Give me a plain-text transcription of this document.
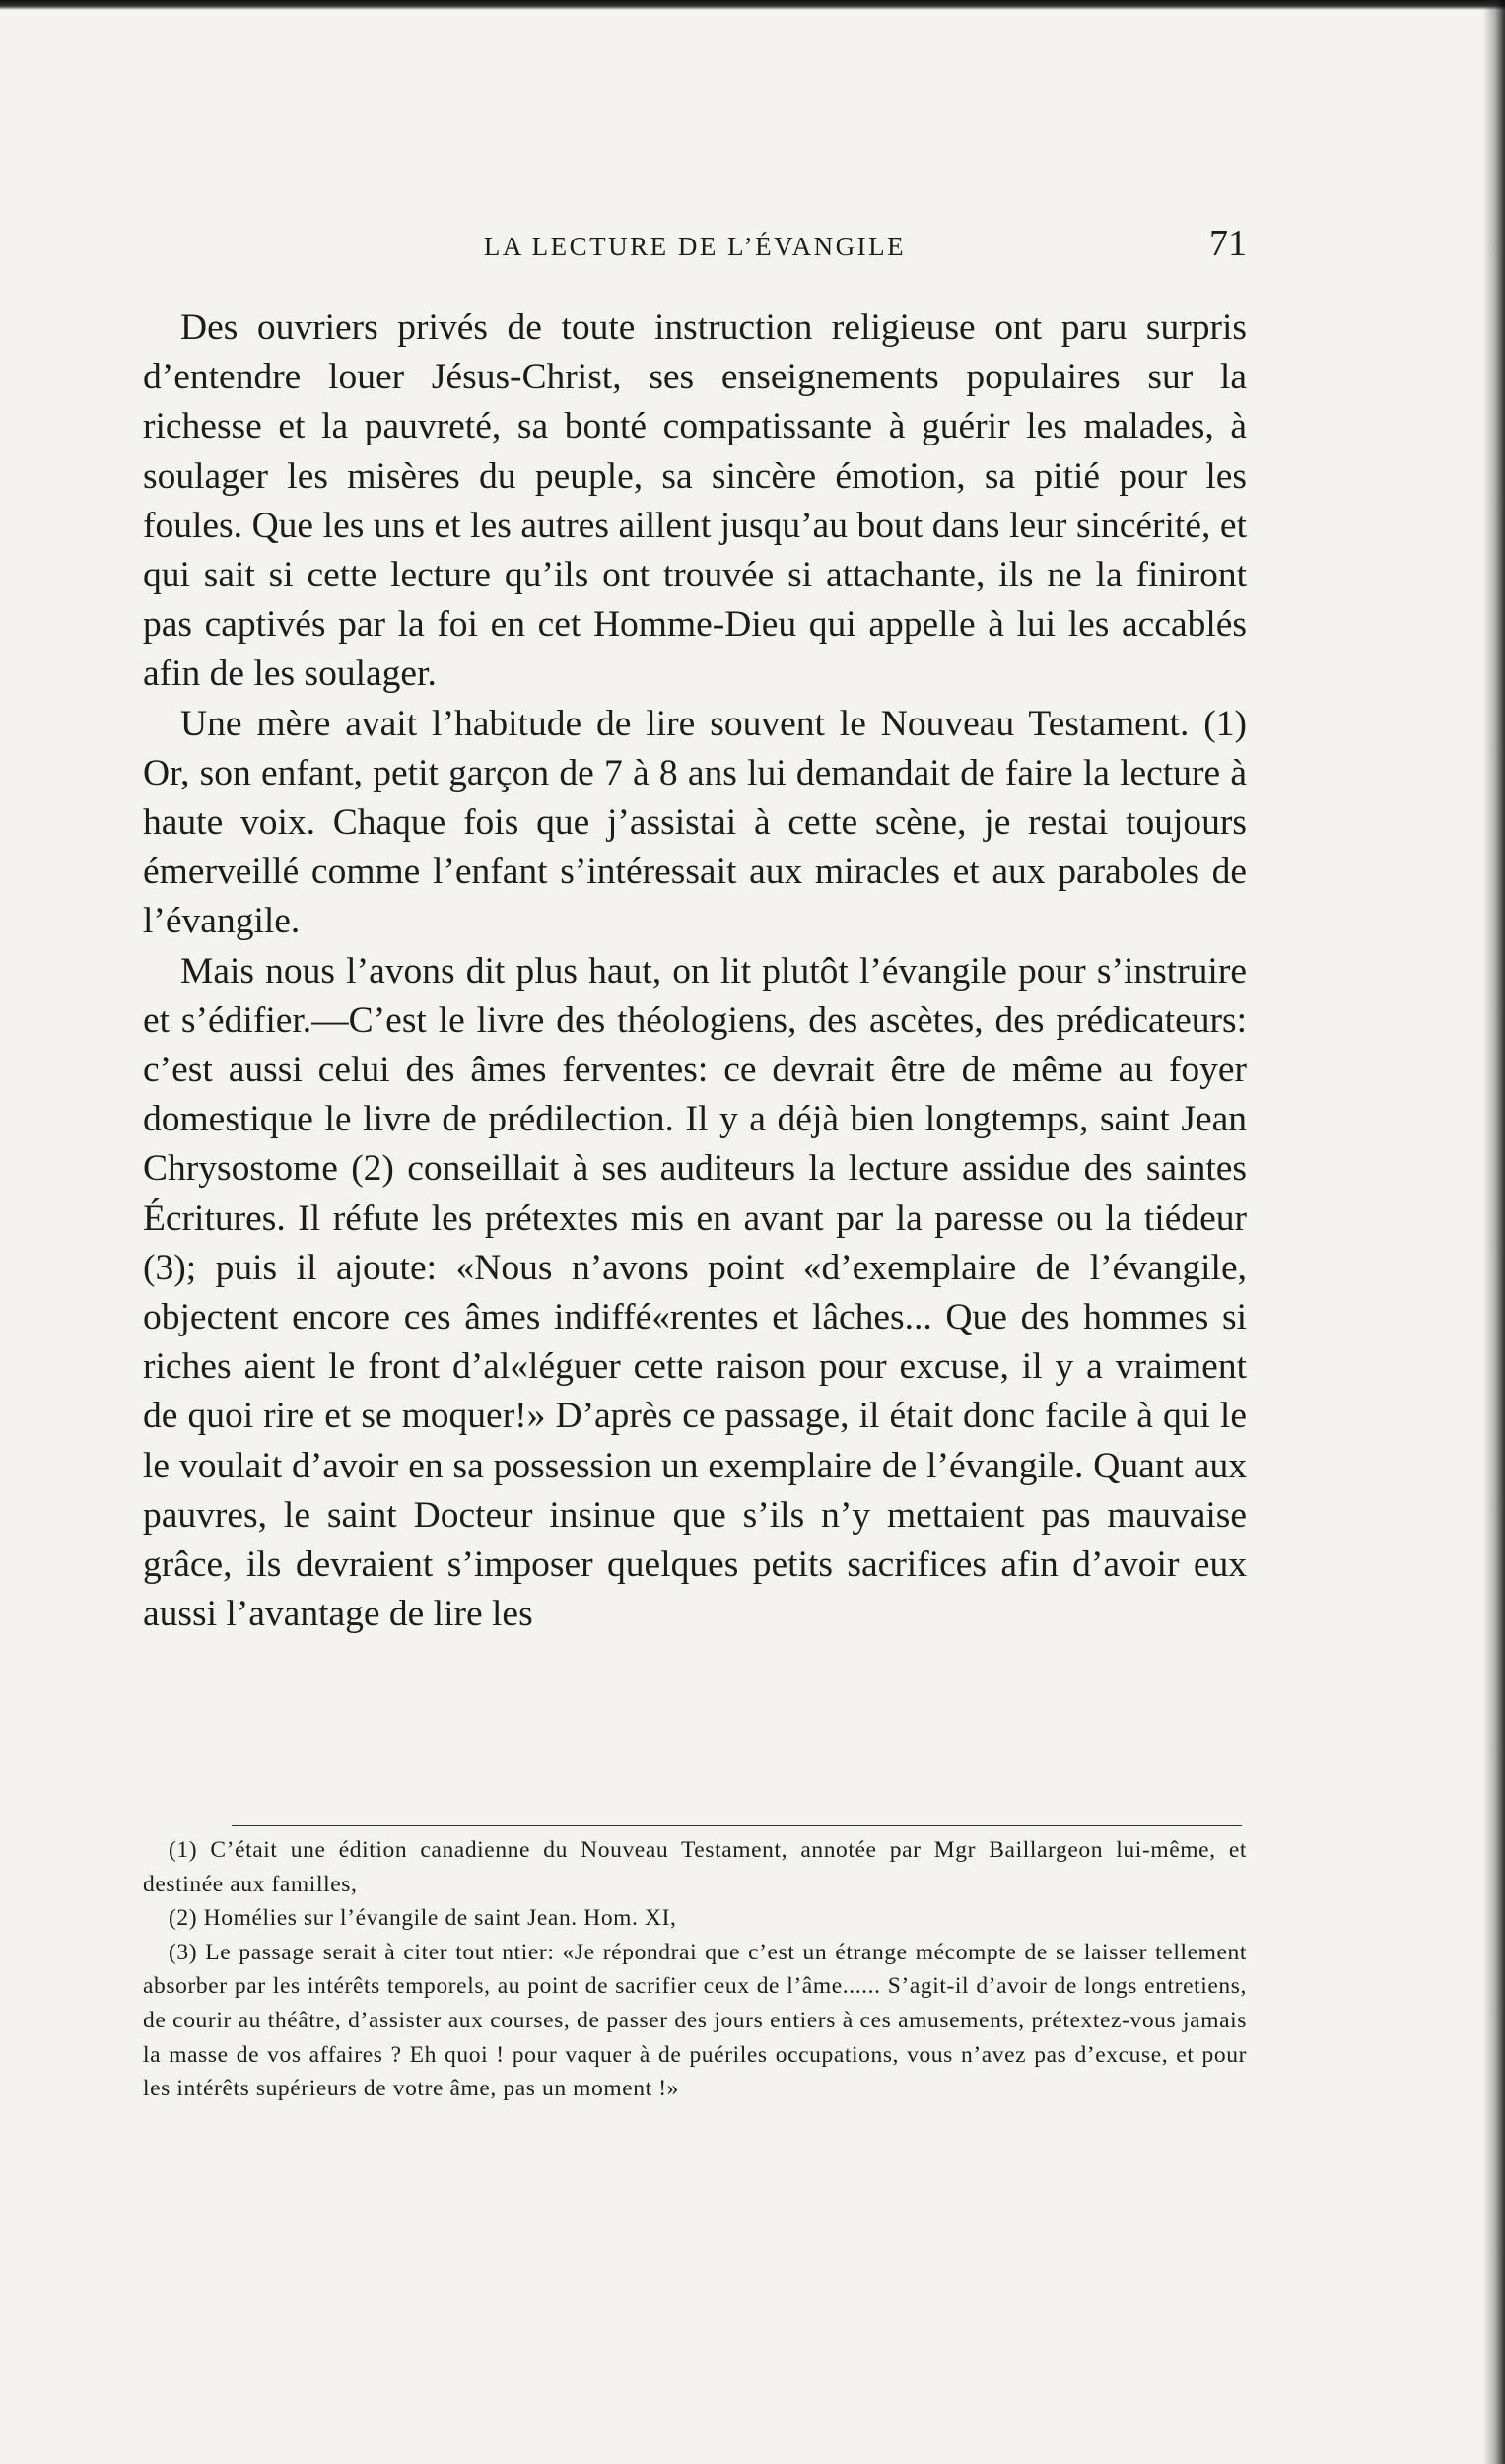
LA LECTURE DE L’ÉVANGILE	71

Des ouvriers privés de toute instruction religieuse ont paru surpris d’entendre louer Jésus-Christ, ses enseignements populaires sur la richesse et la pauvreté, sa bonté compatissante à guérir les malades, à soulager les misères du peuple, sa sincère émotion, sa pitié pour les foules. Que les uns et les autres aillent jusqu’au bout dans leur sincérité, et qui sait si cette lecture qu’ils ont trouvée si attachante, ils ne la finiront pas captivés par la foi en cet Homme-Dieu qui appelle à lui les accablés afin de les soulager.

Une mère avait l’habitude de lire souvent le Nouveau Testament. (1) Or, son enfant, petit garçon de 7 à 8 ans lui demandait de faire la lecture à haute voix. Chaque fois que j’assistai à cette scène, je restai toujours émerveillé comme l’enfant s’intéressait aux miracles et aux paraboles de l’évangile.

Mais nous l’avons dit plus haut, on lit plutôt l’évangile pour s’instruire et s’édifier.—C’est le livre des théologiens, des ascètes, des prédicateurs: c’est aussi celui des âmes ferventes: ce devrait être de même au foyer domestique le livre de prédilection. Il y a déjà bien longtemps, saint Jean Chrysostome (2) conseillait à ses auditeurs la lecture assidue des saintes Écritures. Il réfute les prétextes mis en avant par la paresse ou la tiédeur (3); puis il ajoute: «Nous n’avons point «d’exemplaire de l’évangile, objectent encore ces âmes indiffé«rentes et lâches... Que des hommes si riches aient le front d’al«léguer cette raison pour excuse, il y a vraiment de quoi rire et se moquer!» D’après ce passage, il était donc facile à qui le le voulait d’avoir en sa possession un exemplaire de l’évangile. Quant aux pauvres, le saint Docteur insinue que s’ils n’y mettaient pas mauvaise grâce, ils devraient s’imposer quelques petits sacrifices afin d’avoir eux aussi l’avantage de lire les

(1) C’était une édition canadienne du Nouveau Testament, annotée par Mgr Baillargeon lui-même, et destinée aux familles,

(2) Homélies sur l’évangile de saint Jean. Hom. XI,

(3) Le passage serait à citer tout ntier: «Je répondrai que c’est un étrange mécompte de se laisser tellement absorber par les intérêts temporels, au point de sacrifier ceux de l’âme...... S’agit-il d’avoir de longs entretiens, de courir au théâtre, d’assister aux courses, de passer des jours entiers à ces amusements, prétextez-vous jamais la masse de vos affaires ? Eh quoi ! pour vaquer à de puériles occupations, vous n’avez pas d’excuse, et pour les intérêts supérieurs de votre âme, pas un moment !»
